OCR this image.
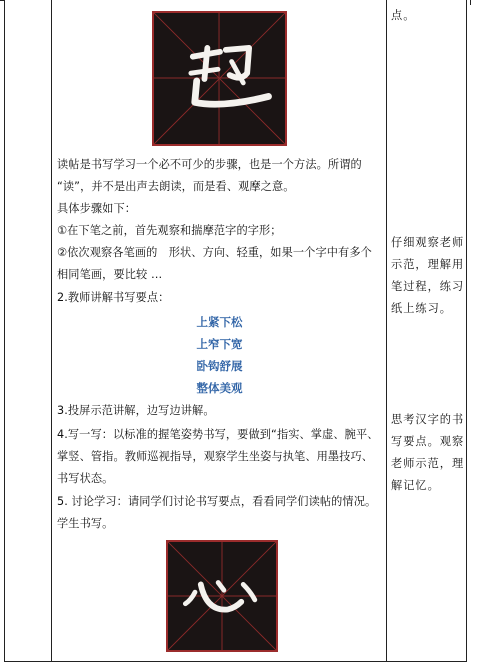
读帖是书写学习一个必不可少的步骤，也是一个方法。所谓的
“读”，并不是出声去朗读，而是看、观摩之意。
具体步骤如下：
①在下笔之前，首先观察和揣摩范字的字形；
②依次观察各笔画的　形状、方向、轻重，如果一个字中有多个
相同笔画，要比较 …
2.教师讲解书写要点：
上紧下松
上窄下宽
卧钩舒展
整体美观
3.投屏示范讲解，边写边讲解。
4.写一写：以标准的握笔姿势书写，要做到“指实、掌虚、腕平、
掌竖、管指。教师巡视指导，观察学生坐姿与执笔、用墨技巧、
书写状态。
5. 讨论学习：请同学们讨论书写要点，看看同学们读帖的情况。
学生书写。
点。
仔细观察老师示范，理解用笔过程，练习纸上练习。
思考汉字的书写要点。观察老师示范，理解记忆。
